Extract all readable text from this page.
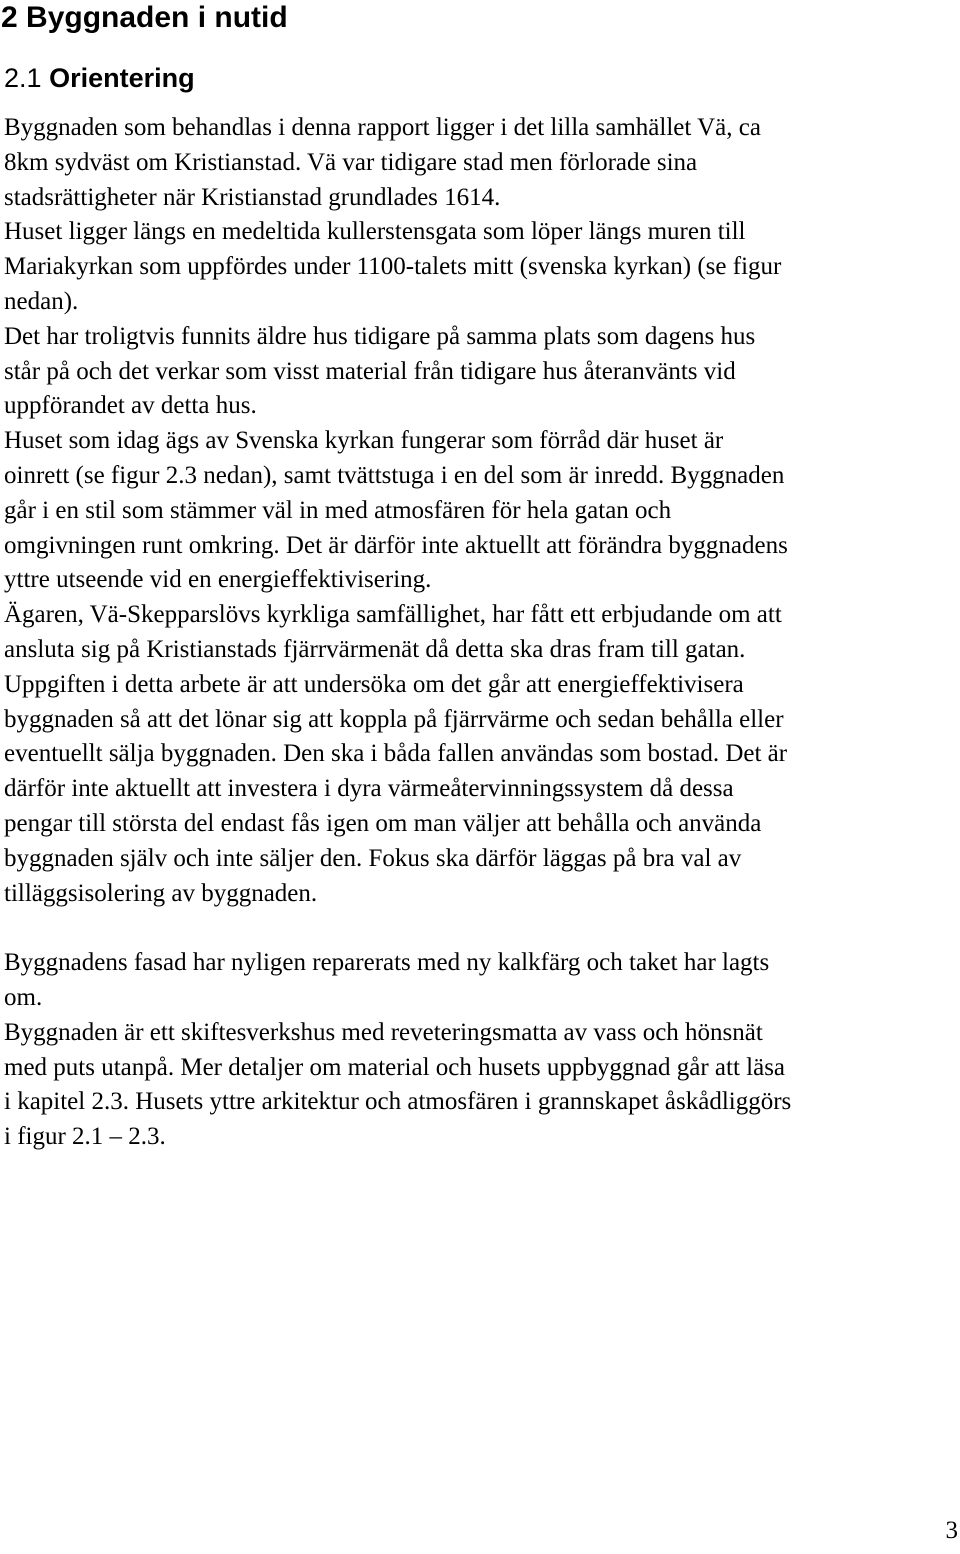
2 Byggnaden i nutid
2.1 Orientering
Byggnaden som behandlas i denna rapport ligger i det lilla samhället Vä, ca
8km sydväst om Kristianstad. Vä var tidigare stad men förlorade sina
stadsrättigheter när Kristianstad grundlades 1614.
Huset ligger längs en medeltida kullerstensgata som löper längs muren till
Mariakyrkan som uppfördes under 1100-talets mitt (svenska kyrkan) (se figur
nedan).
Det har troligtvis funnits äldre hus tidigare på samma plats som dagens hus
står på och det verkar som visst material från tidigare hus återanvänts vid
uppförandet av detta hus.
Huset som idag ägs av Svenska kyrkan fungerar som förråd där huset är
oinrett (se figur 2.3 nedan), samt tvättstuga i en del som är inredd. Byggnaden
går i en stil som stämmer väl in med atmosfären för hela gatan och
omgivningen runt omkring. Det är därför inte aktuellt att förändra byggnadens
yttre utseende vid en energieffektivisering.
Ägaren, Vä-Skepparslövs kyrkliga samfällighet, har fått ett erbjudande om att
ansluta sig på Kristianstads fjärrvärmenät då detta ska dras fram till gatan.
Uppgiften i detta arbete är att undersöka om det går att energieffektivisera
byggnaden så att det lönar sig att koppla på fjärrvärme och sedan behålla eller
eventuellt sälja byggnaden. Den ska i båda fallen användas som bostad. Det är
därför inte aktuellt att investera i dyra värmeåtervinningssystem då dessa
pengar till största del endast fås igen om man väljer att behålla och använda
byggnaden själv och inte säljer den. Fokus ska därför läggas på bra val av
tilläggsisolering av byggnaden.
Byggnadens fasad har nyligen reparerats med ny kalkfärg och taket har lagts
om.
Byggnaden är ett skiftesverkshus med reveteringsmatta av vass och hönsnät
med puts utanpå. Mer detaljer om material och husets uppbyggnad går att läsa
i kapitel 2.3. Husets yttre arkitektur och atmosfären i grannskapet åskådliggörs
i figur 2.1 – 2.3.
3
